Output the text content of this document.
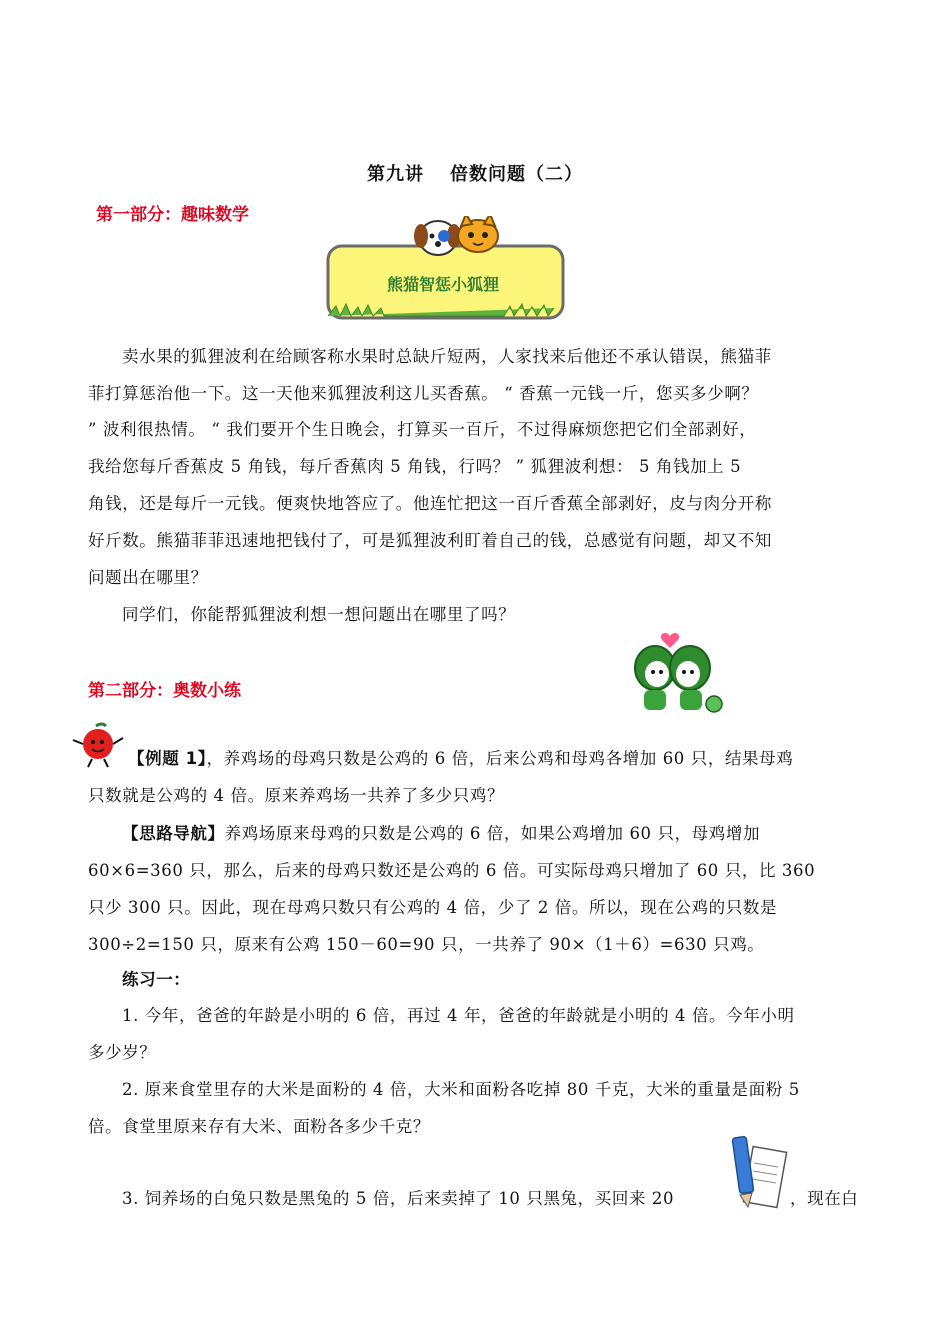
第九讲 倍数问题（二）
第一部分：趣味数学
熊猫智惩小狐狸
卖水果的狐狸波利在给顾客称水果时总缺斤短两，人家找来后他还不承认错误，熊猫菲
菲打算惩治他一下。这一天他来狐狸波利这儿买香蕉。 “ 香蕉一元钱一斤，您买多少啊？
” 波利很热情。 “ 我们要开个生日晚会，打算买一百斤，不过得麻烦您把它们全部剥好，
我给您每斤香蕉皮 5 角钱，每斤香蕉肉 5 角钱，行吗？ ” 狐狸波利想： 5 角钱加上 5
角钱，还是每斤一元钱。便爽快地答应了。他连忙把这一百斤香蕉全部剥好，皮与肉分开称
好斤数。熊猫菲菲迅速地把钱付了，可是狐狸波利盯着自己的钱，总感觉有问题，却又不知
问题出在哪里？
同学们，你能帮狐狸波利想一想问题出在哪里了吗？
第二部分：奥数小练
【例题 1】，养鸡场的母鸡只数是公鸡的 6 倍，后来公鸡和母鸡各增加 60 只，结果母鸡
只数就是公鸡的 4 倍。原来养鸡场一共养了多少只鸡？
【思路导航】养鸡场原来母鸡的只数是公鸡的 6 倍，如果公鸡增加 60 只，母鸡增加
60×6=360 只，那么，后来的母鸡只数还是公鸡的 6 倍。可实际母鸡只增加了 60 只，比 360
只少 300 只。因此，现在母鸡只数只有公鸡的 4 倍，少了 2 倍。所以，现在公鸡的只数是
300÷2=150 只，原来有公鸡 150－60=90 只，一共养了 90×（1＋6）=630 只鸡。
练习一：
1. 今年，爸爸的年龄是小明的 6 倍，再过 4 年，爸爸的年龄就是小明的 4 倍。今年小明
多少岁？
2. 原来食堂里存的大米是面粉的 4 倍，大米和面粉各吃掉 80 千克，大米的重量是面粉 5
倍。食堂里原来存有大米、面粉各多少千克？
3. 饲养场的白兔只数是黑兔的 5 倍，后来卖掉了 10 只黑兔，买回来 20	，现在白
